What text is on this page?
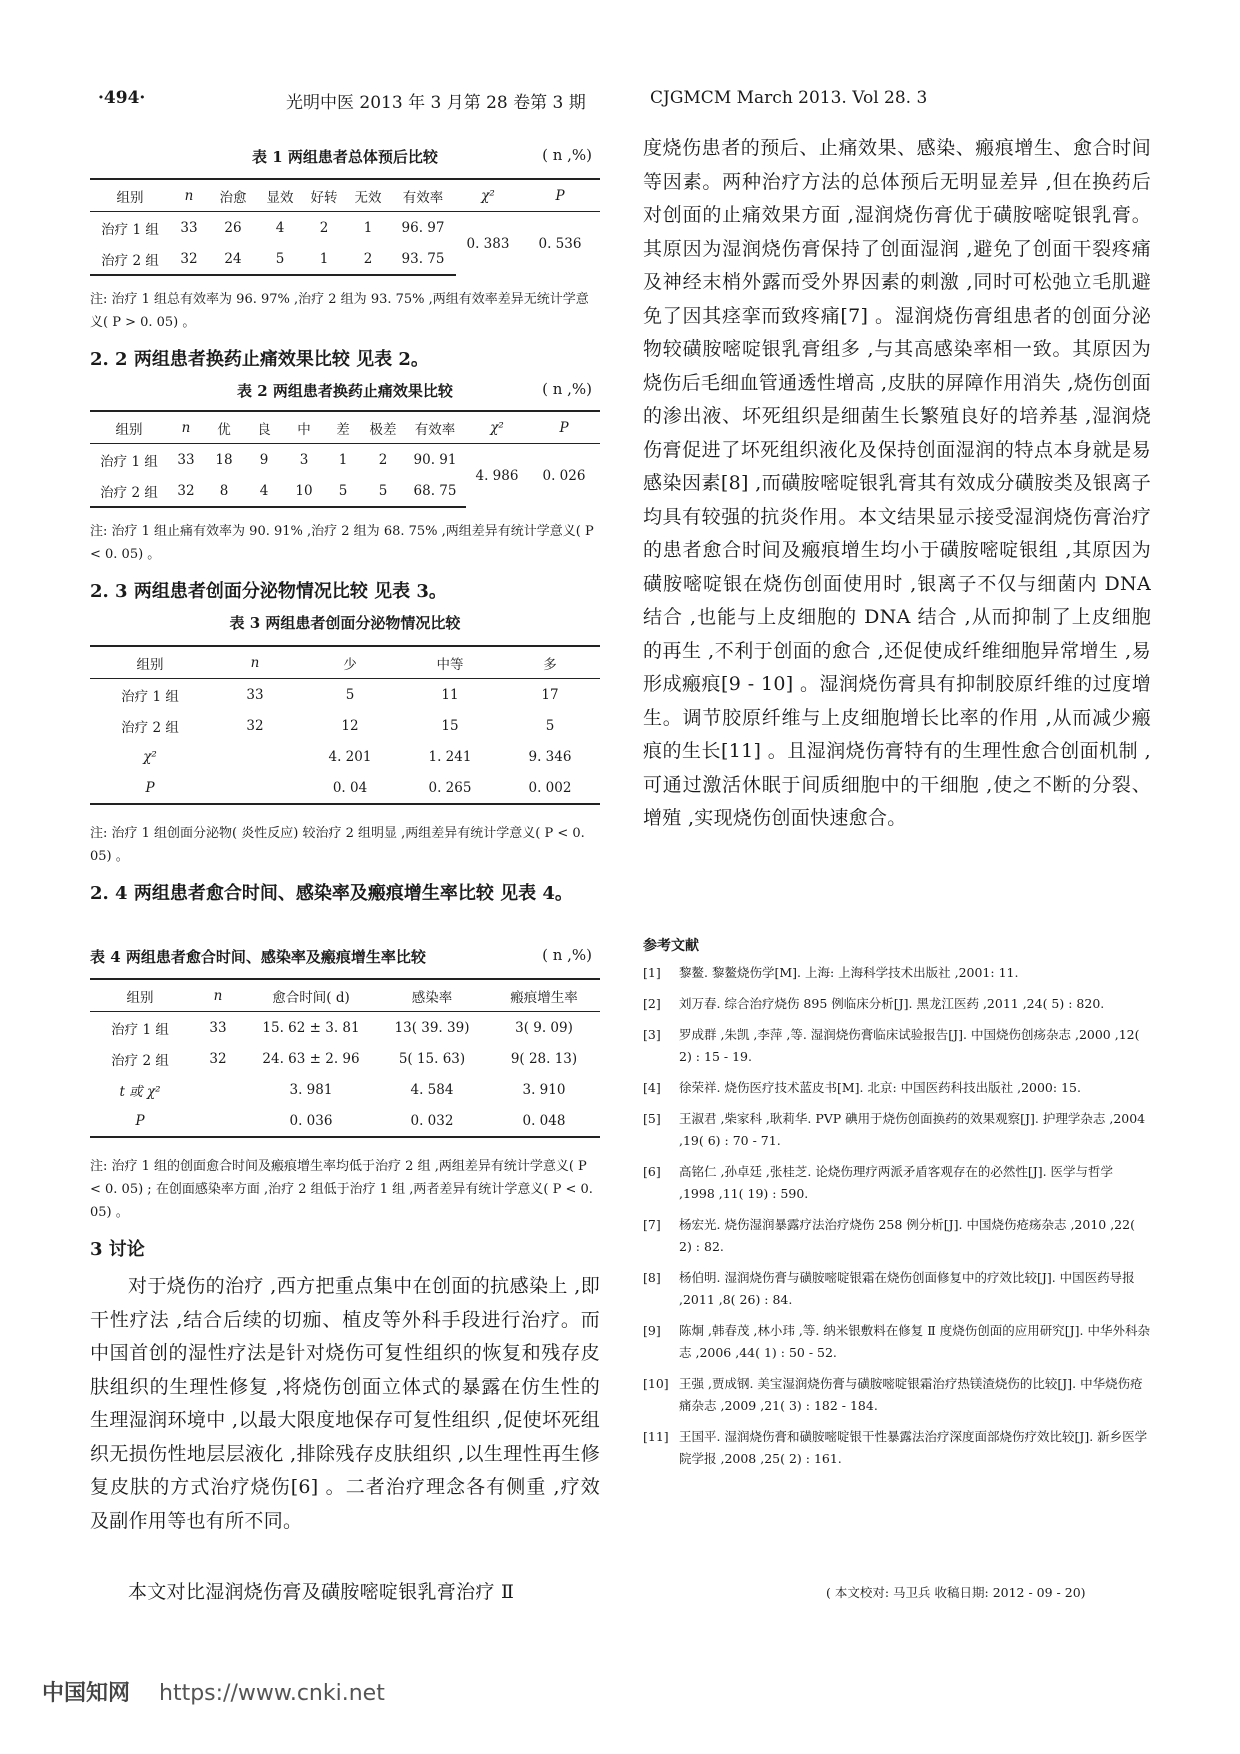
·494·	光明中医 2013 年 3 月第 28 卷第 3 期	CJGMCM March 2013. Vol 28. 3
表 1 两组患者总体预后比较	( n ,%)
组别	n	治愈	显效	好转	无效	有效率	χ²	P
治疗 1 组	33	26	4	2	1	96. 97	0. 383	0. 536
治疗 2 组	32	24	5	1	2	93. 75		
注: 治疗 1 组总有效率为 96. 97% ,治疗 2 组为 93. 75% ,两组有效率差异无统计学意义( P > 0. 05) 。
2. 2 两组患者换药止痛效果比较 见表 2。
表 2 两组患者换药止痛效果比较	( n ,%)
组别	n	优	良	中	差	极差	有效率	χ²	P
治疗 1 组	33	18	9	3	1	2	90. 91	4. 986	0. 026
治疗 2 组	32	8	4	10	5	5	68. 75		
注: 治疗 1 组止痛有效率为 90. 91% ,治疗 2 组为 68. 75% ,两组差异有统计学意义( P < 0. 05) 。
2. 3 两组患者创面分泌物情况比较 见表 3。
表 3 两组患者创面分泌物情况比较
组别	n	少	中等	多
治疗 1 组	33	5	11	17
治疗 2 组	32	12	15	5
χ²		4. 201	1. 241	9. 346
P		0. 04	0. 265	0. 002
注: 治疗 1 组创面分泌物( 炎性反应) 较治疗 2 组明显 ,两组差异有统计学意义( P < 0. 05) 。
2. 4 两组患者愈合时间、感染率及瘢痕增生率比较 见表 4。
表 4 两组患者愈合时间、感染率及瘢痕增生率比较	( n ,%)
组别	n	愈合时间( d)	感染率	瘢痕增生率
治疗 1 组	33	15. 62 ± 3. 81	13( 39. 39)	3( 9. 09)
治疗 2 组	32	24. 63 ± 2. 96	5( 15. 63)	9( 28. 13)
t 或 χ²		3. 981	4. 584	3. 910
P		0. 036	0. 032	0. 048
注: 治疗 1 组的创面愈合时间及瘢痕增生率均低于治疗 2 组 ,两组差异有统计学意义( P < 0. 05) ; 在创面感染率方面 ,治疗 2 组低于治疗 1 组 ,两者差异有统计学意义( P < 0. 05) 。
3 讨论
对于烧伤的治疗 ,西方把重点集中在创面的抗感染上 ,即干性疗法 ,结合后续的切痂、植皮等外科手段进行治疗。而中国首创的湿性疗法是针对烧伤可复性组织的恢复和残存皮肤组织的生理性修复 ,将烧伤创面立体式的暴露在仿生性的生理湿润环境中 ,以最大限度地保存可复性组织 ,促使坏死组织无损伤性地层层液化 ,排除残存皮肤组织 ,以生理性再生修复皮肤的方式治疗烧伤[6] 。二者治疗理念各有侧重 ,疗效及副作用等也有所不同。
本文对比湿润烧伤膏及磺胺嘧啶银乳膏治疗 Ⅱ
度烧伤患者的预后、止痛效果、感染、瘢痕增生、愈合时间等因素。两种治疗方法的总体预后无明显差异 ,但在换药后对创面的止痛效果方面 ,湿润烧伤膏优于磺胺嘧啶银乳膏。其原因为湿润烧伤膏保持了创面湿润 ,避免了创面干裂疼痛及神经末梢外露而受外界因素的刺激 ,同时可松弛立毛肌避免了因其痉挛而致疼痛[7] 。湿润烧伤膏组患者的创面分泌物较磺胺嘧啶银乳膏组多 ,与其高感染率相一致。其原因为烧伤后毛细血管通透性增高 ,皮肤的屏障作用消失 ,烧伤创面的渗出液、坏死组织是细菌生长繁殖良好的培养基 ,湿润烧伤膏促进了坏死组织液化及保持创面湿润的特点本身就是易感染因素[8] ,而磺胺嘧啶银乳膏其有效成分磺胺类及银离子均具有较强的抗炎作用。本文结果显示接受湿润烧伤膏治疗的患者愈合时间及瘢痕增生均小于磺胺嘧啶银组 ,其原因为磺胺嘧啶银在烧伤创面使用时 ,银离子不仅与细菌内 DNA 结合 ,也能与上皮细胞的 DNA 结合 ,从而抑制了上皮细胞的再生 ,不利于创面的愈合 ,还促使成纤维细胞异常增生 ,易形成瘢痕[9 - 10] 。湿润烧伤膏具有抑制胶原纤维的过度增生。调节胶原纤维与上皮细胞增长比率的作用 ,从而减少瘢痕的生长[11] 。且湿润烧伤膏特有的生理性愈合创面机制 ,可通过激活休眠于间质细胞中的干细胞 ,使之不断的分裂、增殖 ,实现烧伤创面快速愈合。
参考文献
[1]	黎鳌. 黎鳌烧伤学[M]. 上海: 上海科学技术出版社 ,2001: 11.
[2]	刘万春. 综合治疗烧伤 895 例临床分析[J]. 黑龙江医药 ,2011 ,24( 5) : 820.
[3]	罗成群 ,朱凯 ,李萍 ,等. 湿润烧伤膏临床试验报告[J]. 中国烧伤创疡杂志 ,2000 ,12( 2) : 15 - 19.
[4]	徐荣祥. 烧伤医疗技术蓝皮书[M]. 北京: 中国医药科技出版社 ,2000: 15.
[5]	王淑君 ,柴家科 ,耿莉华. PVP 碘用于烧伤创面换药的效果观察[J]. 护理学杂志 ,2004 ,19( 6) : 70 - 71.
[6]	高铭仁 ,孙卓廷 ,张桂芝. 论烧伤理疗两派矛盾客观存在的必然性[J]. 医学与哲学 ,1998 ,11( 19) : 590.
[7]	杨宏光. 烧伤湿润暴露疗法治疗烧伤 258 例分析[J]. 中国烧伤疮疡杂志 ,2010 ,22( 2) : 82.
[8]	杨伯明. 湿润烧伤膏与磺胺嘧啶银霜在烧伤创面修复中的疗效比较[J]. 中国医药导报 ,2011 ,8( 26) : 84.
[9]	陈炯 ,韩春茂 ,林小玮 ,等. 纳米银敷料在修复 Ⅱ 度烧伤创面的应用研究[J]. 中华外科杂志 ,2006 ,44( 1) : 50 - 52.
[10] 王强 ,贾成钢. 美宝湿润烧伤膏与磺胺嘧啶银霜治疗热镁渣烧伤的比较[J]. 中华烧伤疮痛杂志 ,2009 ,21( 3) : 182 - 184.
[11] 王国平. 湿润烧伤膏和磺胺嘧啶银干性暴露法治疗深度面部烧伤疗效比较[J]. 新乡医学院学报 ,2008 ,25( 2) : 161.
( 本文校对: 马卫兵 收稿日期: 2012 - 09 - 20)
中国知网 https://www.cnki.net
